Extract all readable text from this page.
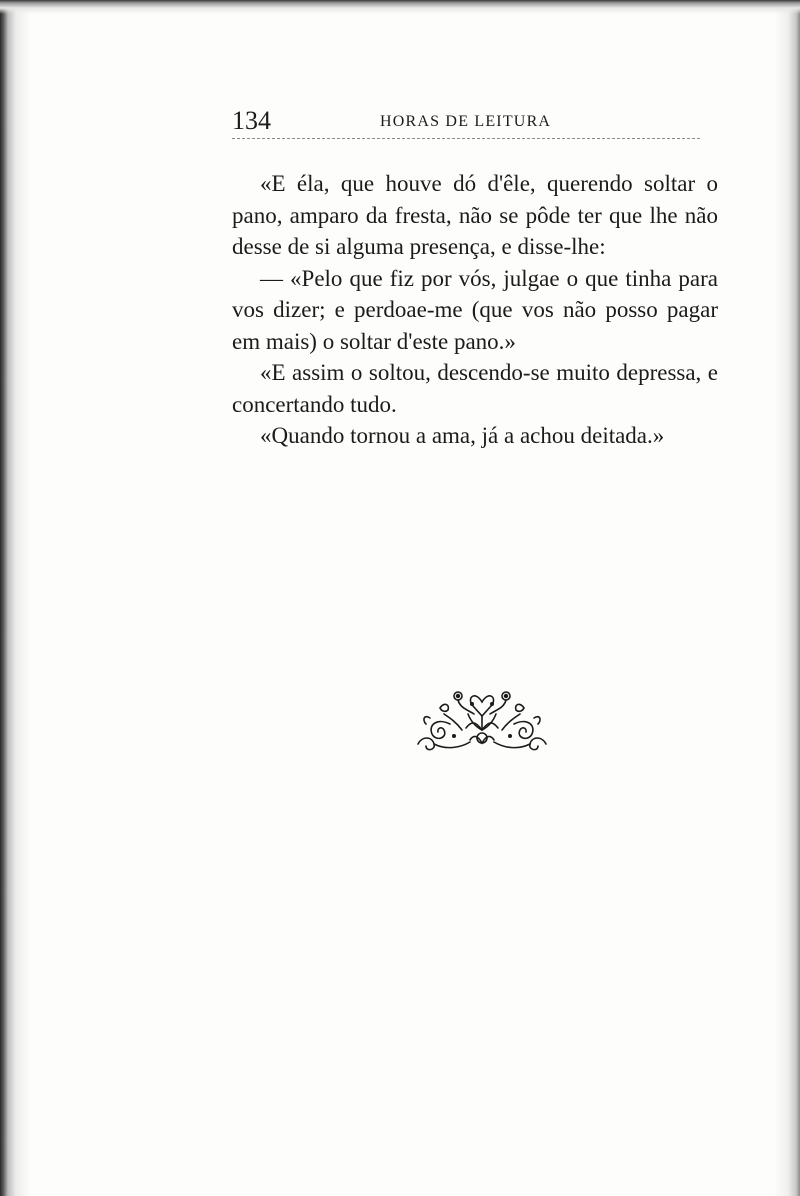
134	HORAS DE LEITURA

«E éla, que houve dó d'êle, querendo soltar o pano, amparo da fresta, não se pôde ter que lhe não desse de si alguma presença, e disse-lhe:

— «Pelo que fiz por vós, julgae o que tinha para vos dizer; e perdoae-me (que vos não posso pagar em mais) o soltar d'este pano.»

«E assim o soltou, descendo-se muito depressa, e concertando tudo.

«Quando tornou a ama, já a achou deitada.»
